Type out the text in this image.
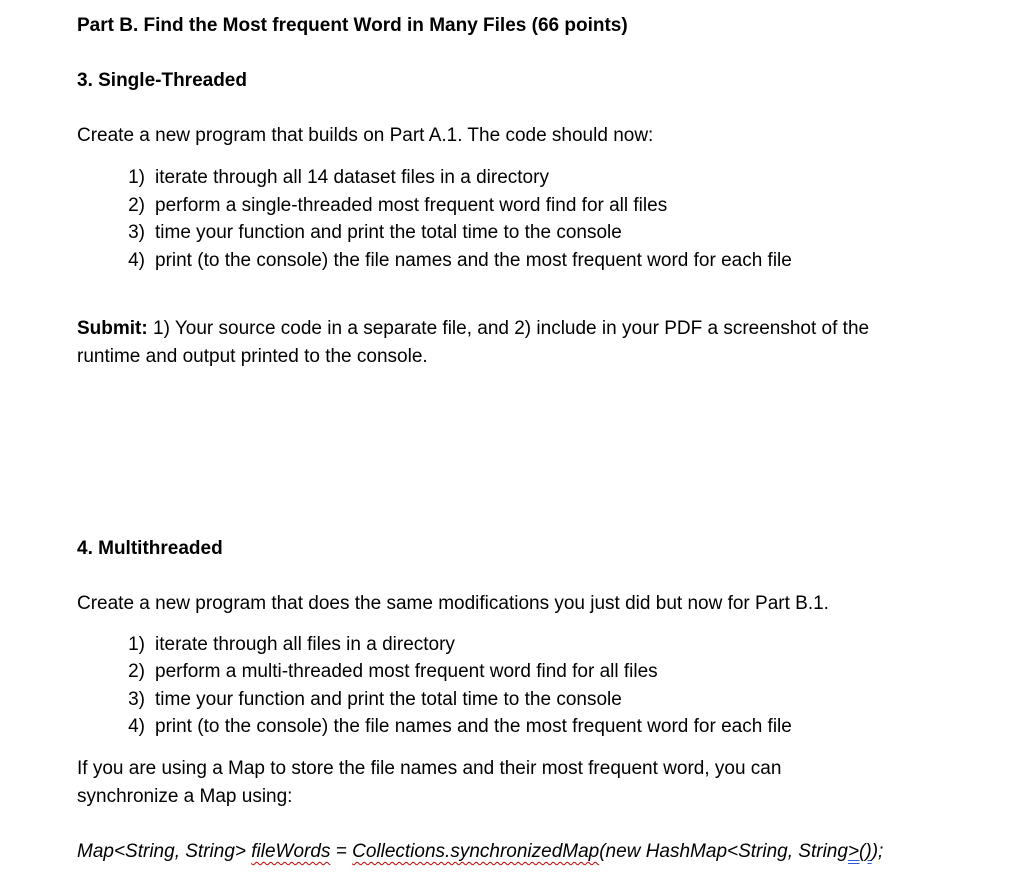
Part B. Find the Most frequent Word in Many Files (66 points)
3. Single-Threaded
Create a new program that builds on Part A.1. The code should now:
1) iterate through all 14 dataset files in a directory
2) perform a single-threaded most frequent word find for all files
3) time your function and print the total time to the console
4) print (to the console) the file names and the most frequent word for each file
Submit: 1) Your source code in a separate file, and 2) include in your PDF a screenshot of the
runtime and output printed to the console.
4. Multithreaded
Create a new program that does the same modifications you just did but now for Part B.1.
1) iterate through all files in a directory
2) perform a multi-threaded most frequent word find for all files
3) time your function and print the total time to the console
4) print (to the console) the file names and the most frequent word for each file
If you are using a Map to store the file names and their most frequent word, you can
synchronize a Map using:
Map<String, String> fileWords = Collections.synchronizedMap(new HashMap<String, String>());
